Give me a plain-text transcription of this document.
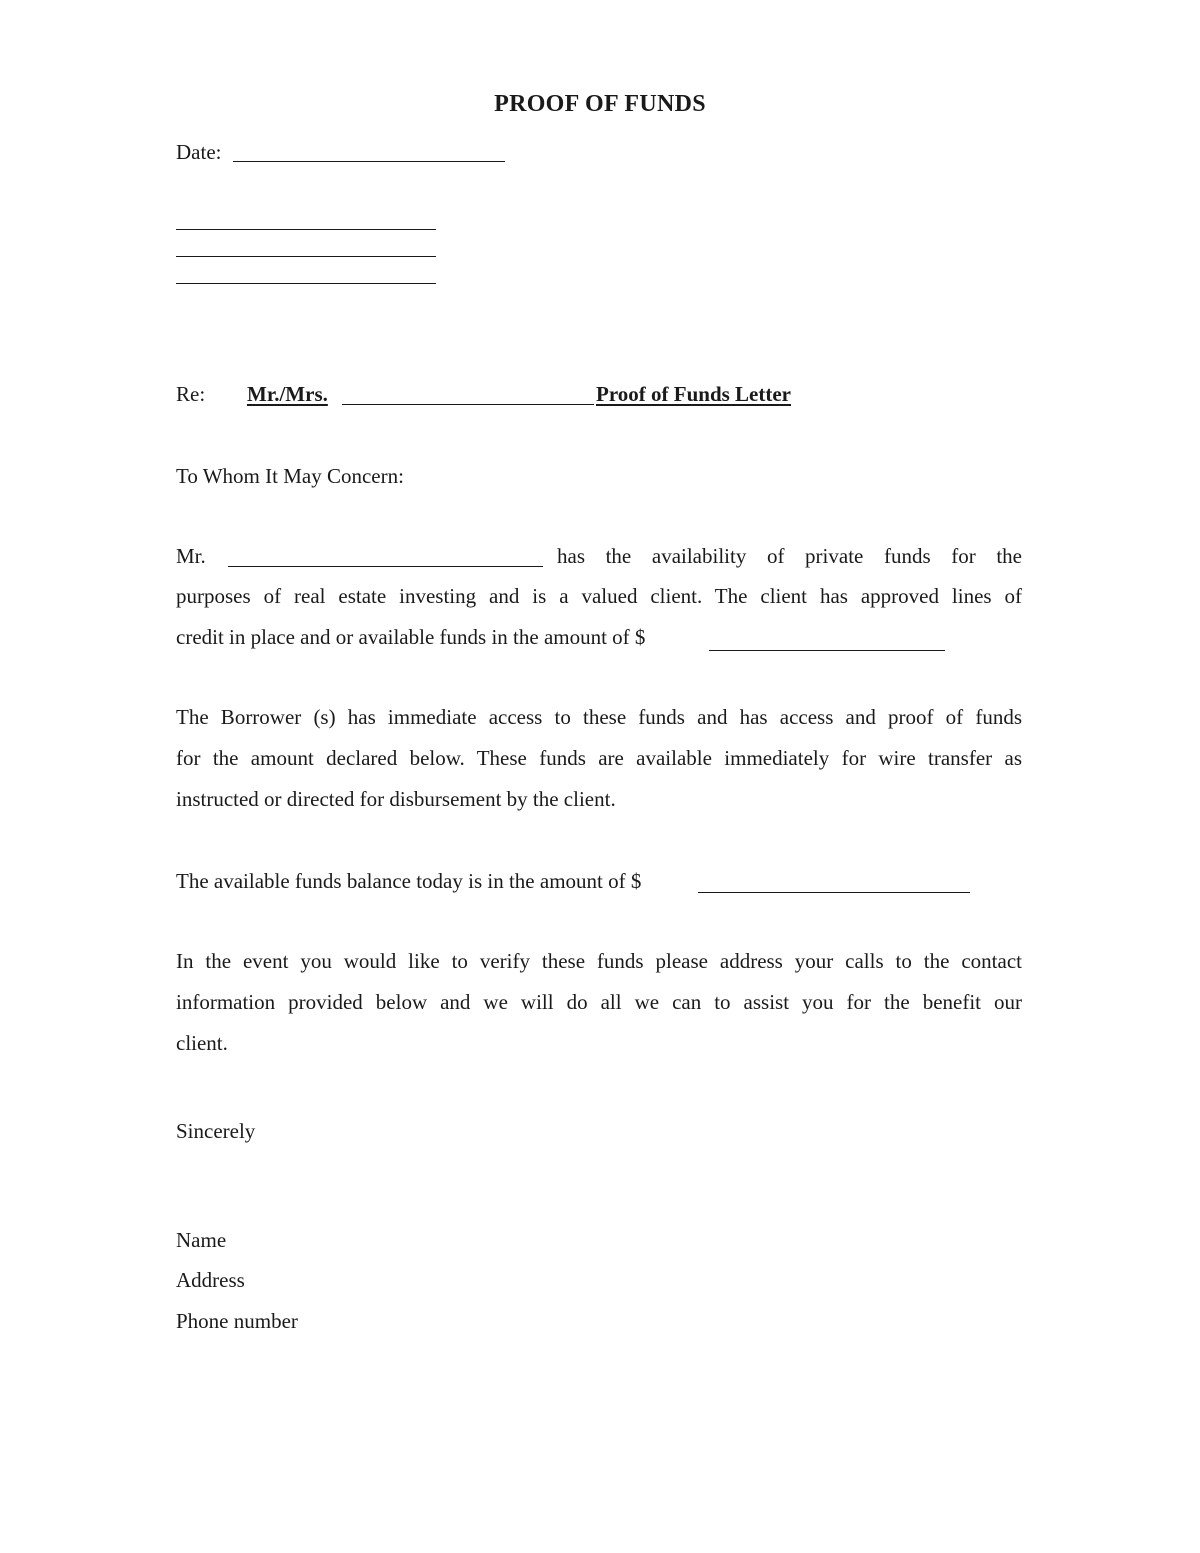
PROOF OF FUNDS
Date:
Re: Mr./Mrs.	Proof of Funds Letter
To Whom It May Concern:
Mr.	has the availability of private funds for the
purposes of real estate investing and is a valued client. The client has approved lines of
credit in place and or available funds in the amount of $
The Borrower (s) has immediate access to these funds and has access and proof of funds
for the amount declared below. These funds are available immediately for wire transfer as
instructed or directed for disbursement by the client.
The available funds balance today is in the amount of $
In the event you would like to verify these funds please address your calls to the contact
information provided below and we will do all we can to assist you for the benefit our
client.
Sincerely
Name
Address
Phone number
